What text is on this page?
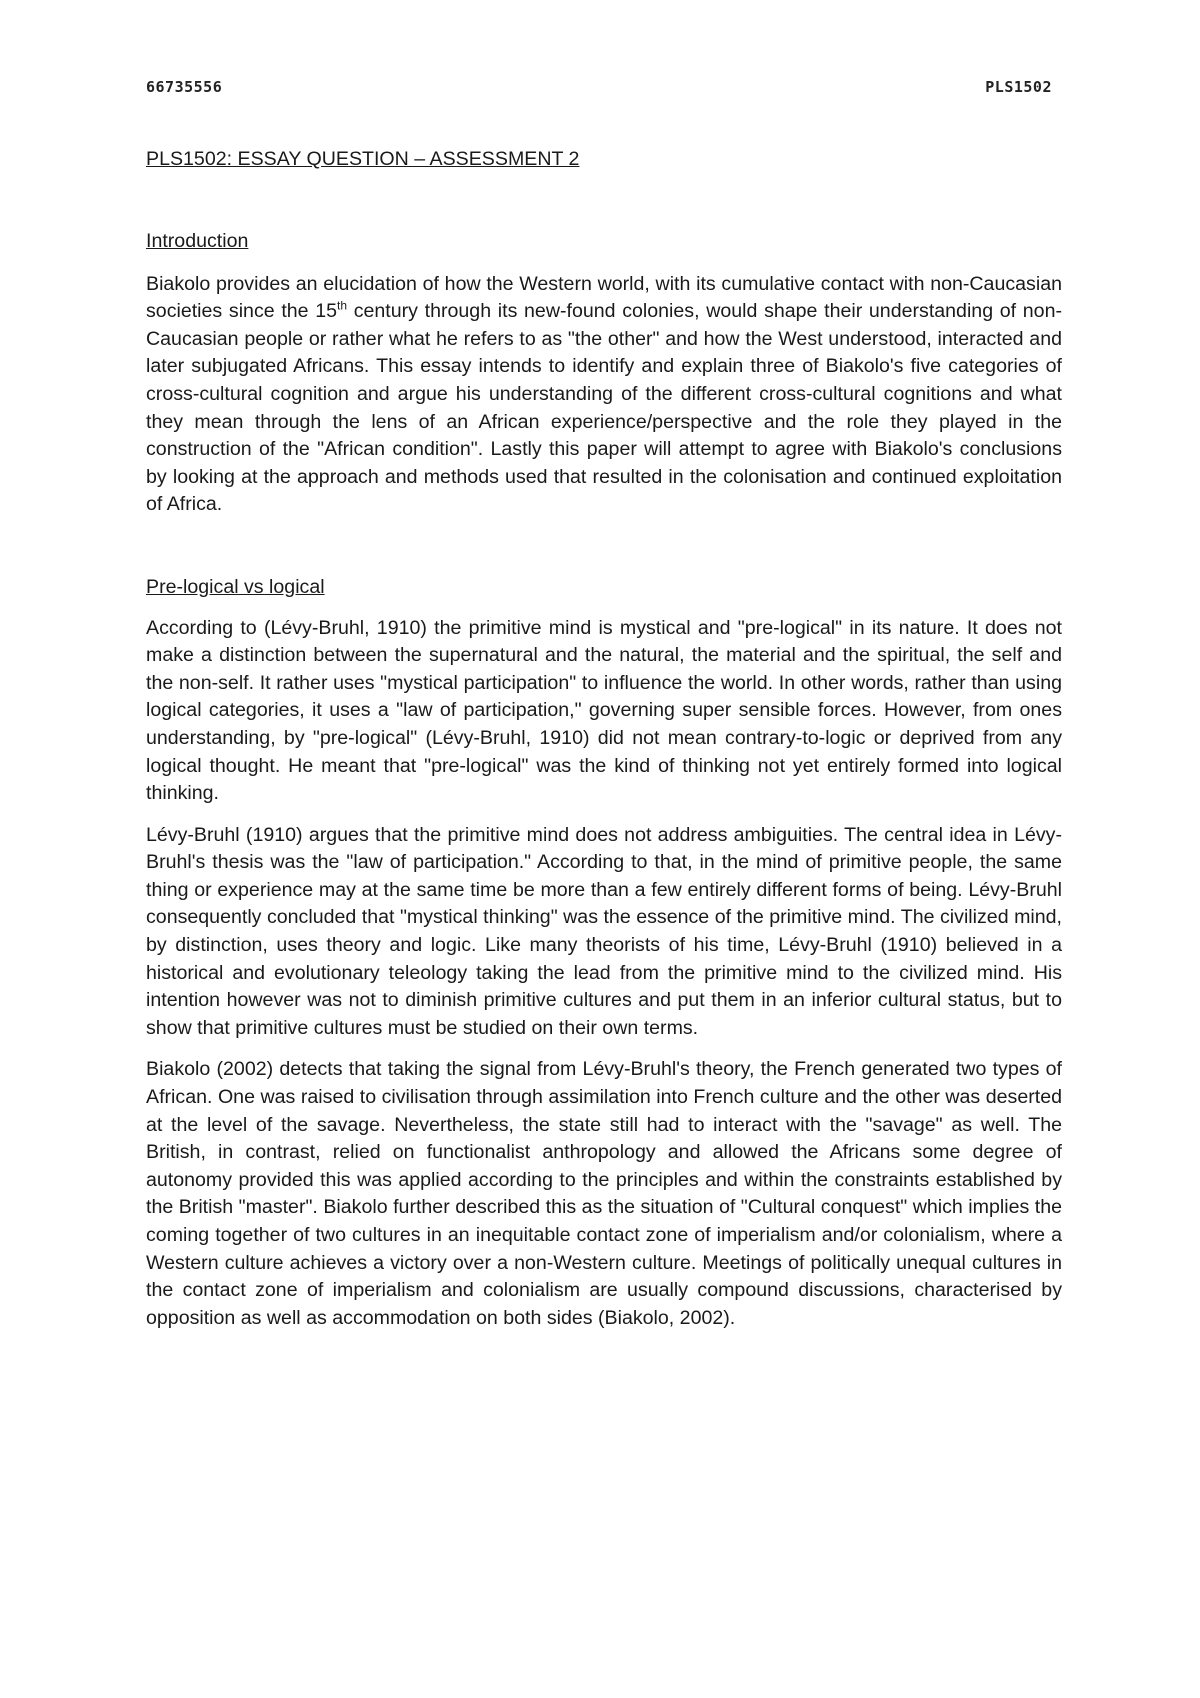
66735556	PLS1502
PLS1502: ESSAY QUESTION – ASSESSMENT 2
Introduction

Biakolo provides an elucidation of how the Western world, with its cumulative contact with non-Caucasian societies since the 15th century through its new-found colonies, would shape their understanding of non-Caucasian people or rather what he refers to as "the other" and how the West understood, interacted and later subjugated Africans. This essay intends to identify and explain three of Biakolo's five categories of cross-cultural cognition and argue his understanding of the different cross-cultural cognitions and what they mean through the lens of an African experience/perspective and the role they played in the construction of the "African condition". Lastly this paper will attempt to agree with Biakolo's conclusions by looking at the approach and methods used that resulted in the colonisation and continued exploitation of Africa.

Pre-logical vs logical

According to (Lévy-Bruhl, 1910) the primitive mind is mystical and "pre-logical" in its nature. It does not make a distinction between the supernatural and the natural, the material and the spiritual, the self and the non-self. It rather uses "mystical participation" to influence the world. In other words, rather than using logical categories, it uses a "law of participation," governing super sensible forces. However, from ones understanding, by "pre-logical" (Lévy-Bruhl, 1910) did not mean contrary-to-logic or deprived from any logical thought. He meant that "pre-logical" was the kind of thinking not yet entirely formed into logical thinking.

Lévy-Bruhl (1910) argues that the primitive mind does not address ambiguities. The central idea in Lévy-Bruhl's thesis was the "law of participation." According to that, in the mind of primitive people, the same thing or experience may at the same time be more than a few entirely different forms of being. Lévy-Bruhl consequently concluded that "mystical thinking" was the essence of the primitive mind. The civilized mind, by distinction, uses theory and logic. Like many theorists of his time, Lévy-Bruhl (1910) believed in a historical and evolutionary teleology taking the lead from the primitive mind to the civilized mind. His intention however was not to diminish primitive cultures and put them in an inferior cultural status, but to show that primitive cultures must be studied on their own terms.

Biakolo (2002) detects that taking the signal from Lévy-Bruhl's theory, the French generated two types of African. One was raised to civilisation through assimilation into French culture and the other was deserted at the level of the savage. Nevertheless, the state still had to interact with the "savage" as well. The British, in contrast, relied on functionalist anthropology and allowed the Africans some degree of autonomy provided this was applied according to the principles and within the constraints established by the British "master". Biakolo further described this as the situation of "Cultural conquest" which implies the coming together of two cultures in an inequitable contact zone of imperialism and/or colonialism, where a Western culture achieves a victory over a non-Western culture. Meetings of politically unequal cultures in the contact zone of imperialism and colonialism are usually compound discussions, characterised by opposition as well as accommodation on both sides (Biakolo, 2002).
